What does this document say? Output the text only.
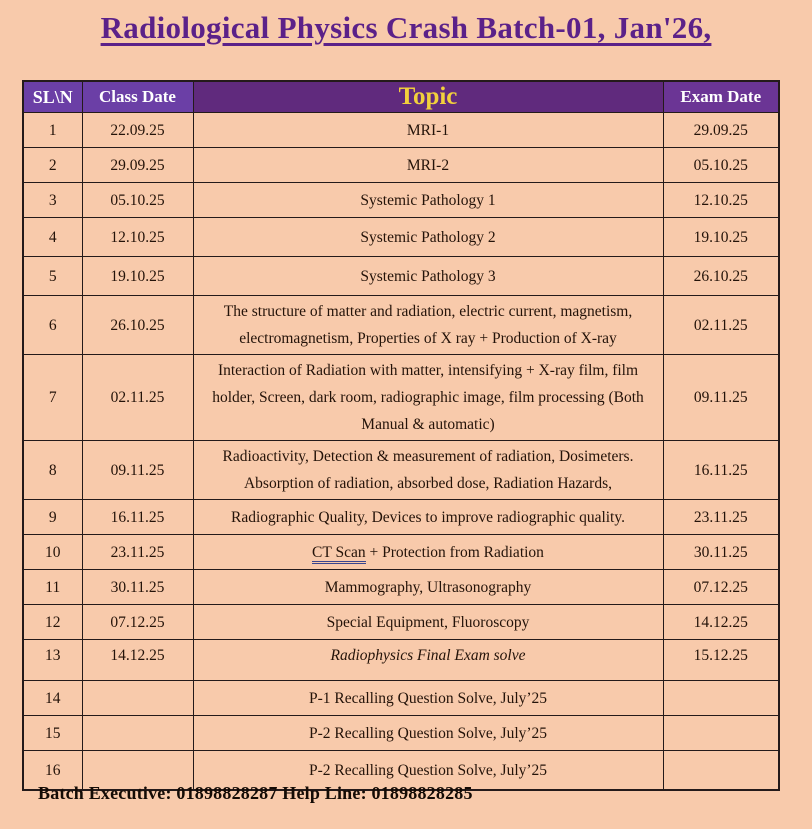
Radiological Physics Crash Batch-01, Jan'26,
SL\N	Class Date	Topic	Exam Date
1	22.09.25	MRI-1	29.09.25
2	29.09.25	MRI-2	05.10.25
3	05.10.25	Systemic Pathology 1	12.10.25
4	12.10.25	Systemic Pathology 2	19.10.25
5	19.10.25	Systemic Pathology 3	26.10.25
6	26.10.25	The structure of matter and radiation, electric current, magnetism, electromagnetism, Properties of X ray + Production of X-ray	02.11.25
7	02.11.25	Interaction of Radiation with matter, intensifying + X-ray film, film holder, Screen, dark room, radiographic image, film processing (Both Manual & automatic)	09.11.25
8	09.11.25	Radioactivity, Detection & measurement of radiation, Dosimeters. Absorption of radiation, absorbed dose, Radiation Hazards,	16.11.25
9	16.11.25	Radiographic Quality, Devices to improve radiographic quality.	23.11.25
10	23.11.25	CT Scan + Protection from Radiation	30.11.25
11	30.11.25	Mammography, Ultrasonography	07.12.25
12	07.12.25	Special Equipment, Fluoroscopy	14.12.25
13	14.12.25	Radiophysics Final Exam solve	15.12.25
14		P-1 Recalling Question Solve, July’25	
15		P-2 Recalling Question Solve, July’25	
16		P-2 Recalling Question Solve, July’25	
Batch Executive: 01898828287 Help Line: 01898828285
